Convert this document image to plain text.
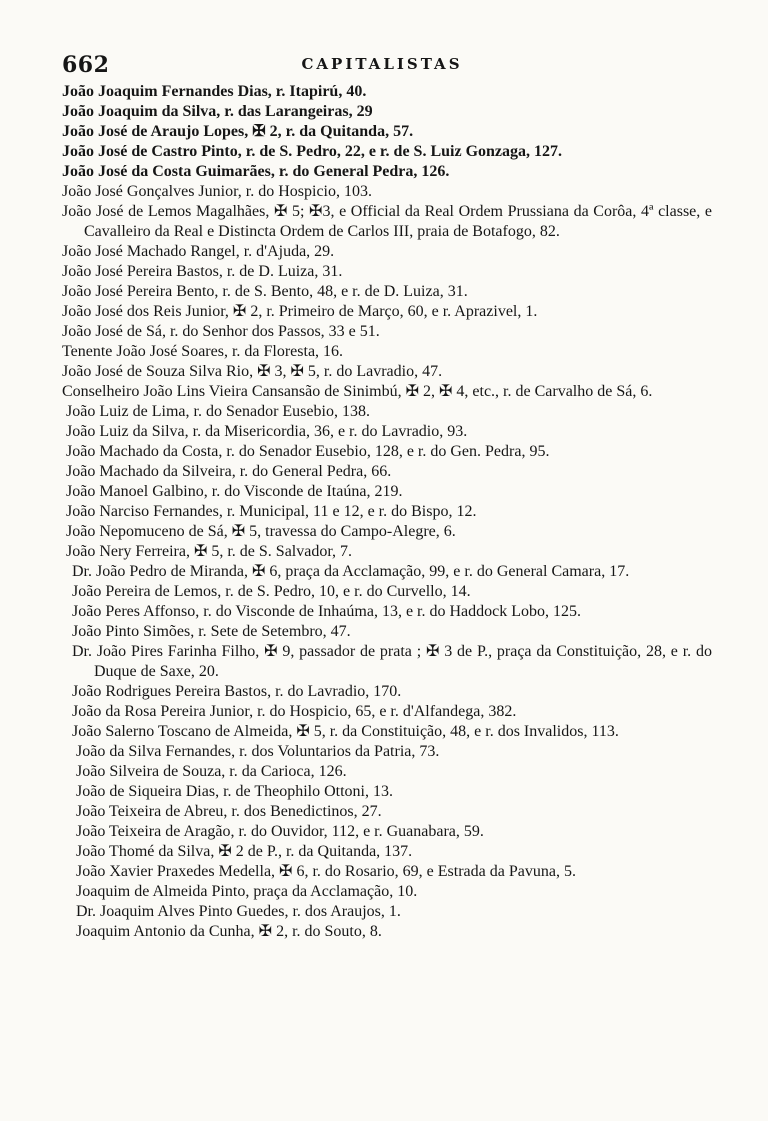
662	CAPITALISTAS
João Joaquim Fernandes Dias, r. Itapirú, 40.
João Joaquim da Silva, r. das Larangeiras, 29
João José de Araujo Lopes, ✠ 2, r. da Quitanda, 57.
João José de Castro Pinto, r. de S. Pedro, 22, e r. de S. Luiz Gonzaga, 127.
João José da Costa Guimarães, r. do General Pedra, 126.
João José Gonçalves Junior, r. do Hospicio, 103.
João José de Lemos Magalhães, ✠ 5; ✠3, e Official da Real Ordem Prussiana da Corôa, 4ª classe, e Cavalleiro da Real e Distincta Ordem de Carlos III, praia de Botafogo, 82.
João José Machado Rangel, r. d'Ajuda, 29.
João José Pereira Bastos, r. de D. Luiza, 31.
João José Pereira Bento, r. de S. Bento, 48, e r. de D. Luiza, 31.
João José dos Reis Junior, ✠ 2, r. Primeiro de Março, 60, e r. Aprazivel, 1.
João José de Sá, r. do Senhor dos Passos, 33 e 51.
Tenente João José Soares, r. da Floresta, 16.
João José de Souza Silva Rio, ✠ 3, ✠ 5, r. do Lavradio, 47.
Conselheiro João Lins Vieira Cansansão de Sinimbú, ✠ 2, ✠ 4, etc., r. de Carvalho de Sá, 6.
João Luiz de Lima, r. do Senador Eusebio, 138.
João Luiz da Silva, r. da Misericordia, 36, e r. do Lavradio, 93.
João Machado da Costa, r. do Senador Eusebio, 128, e r. do Gen. Pedra, 95.
João Machado da Silveira, r. do General Pedra, 66.
João Manoel Galbino, r. do Visconde de Itaúna, 219.
João Narciso Fernandes, r. Municipal, 11 e 12, e r. do Bispo, 12.
João Nepomuceno de Sá, ✠ 5, travessa do Campo-Alegre, 6.
João Nery Ferreira, ✠ 5, r. de S. Salvador, 7.
Dr. João Pedro de Miranda, ✠ 6, praça da Acclamação, 99, e r. do General Camara, 17.
João Pereira de Lemos, r. de S. Pedro, 10, e r. do Curvello, 14.
João Peres Affonso, r. do Visconde de Inhaúma, 13, e r. do Haddock Lobo, 125.
João Pinto Simões, r. Sete de Setembro, 47.
Dr. João Pires Farinha Filho, ✠ 9, passador de prata ; ✠ 3 de P., praça da Constituição, 28, e r. do Duque de Saxe, 20.
João Rodrigues Pereira Bastos, r. do Lavradio, 170.
João da Rosa Pereira Junior, r. do Hospicio, 65, e r. d'Alfandega, 382.
João Salerno Toscano de Almeida, ✠ 5, r. da Constituição, 48, e r. dos Invalidos, 113.
João da Silva Fernandes, r. dos Voluntarios da Patria, 73.
João Silveira de Souza, r. da Carioca, 126.
João de Siqueira Dias, r. de Theophilo Ottoni, 13.
João Teixeira de Abreu, r. dos Benedictinos, 27.
João Teixeira de Aragão, r. do Ouvidor, 112, e r. Guanabara, 59.
João Thomé da Silva, ✠ 2 de P., r. da Quitanda, 137.
João Xavier Praxedes Medella, ✠ 6, r. do Rosario, 69, e Estrada da Pavuna, 5.
Joaquim de Almeida Pinto, praça da Acclamação, 10.
Dr. Joaquim Alves Pinto Guedes, r. dos Araujos, 1.
Joaquim Antonio da Cunha, ✠ 2, r. do Souto, 8.
